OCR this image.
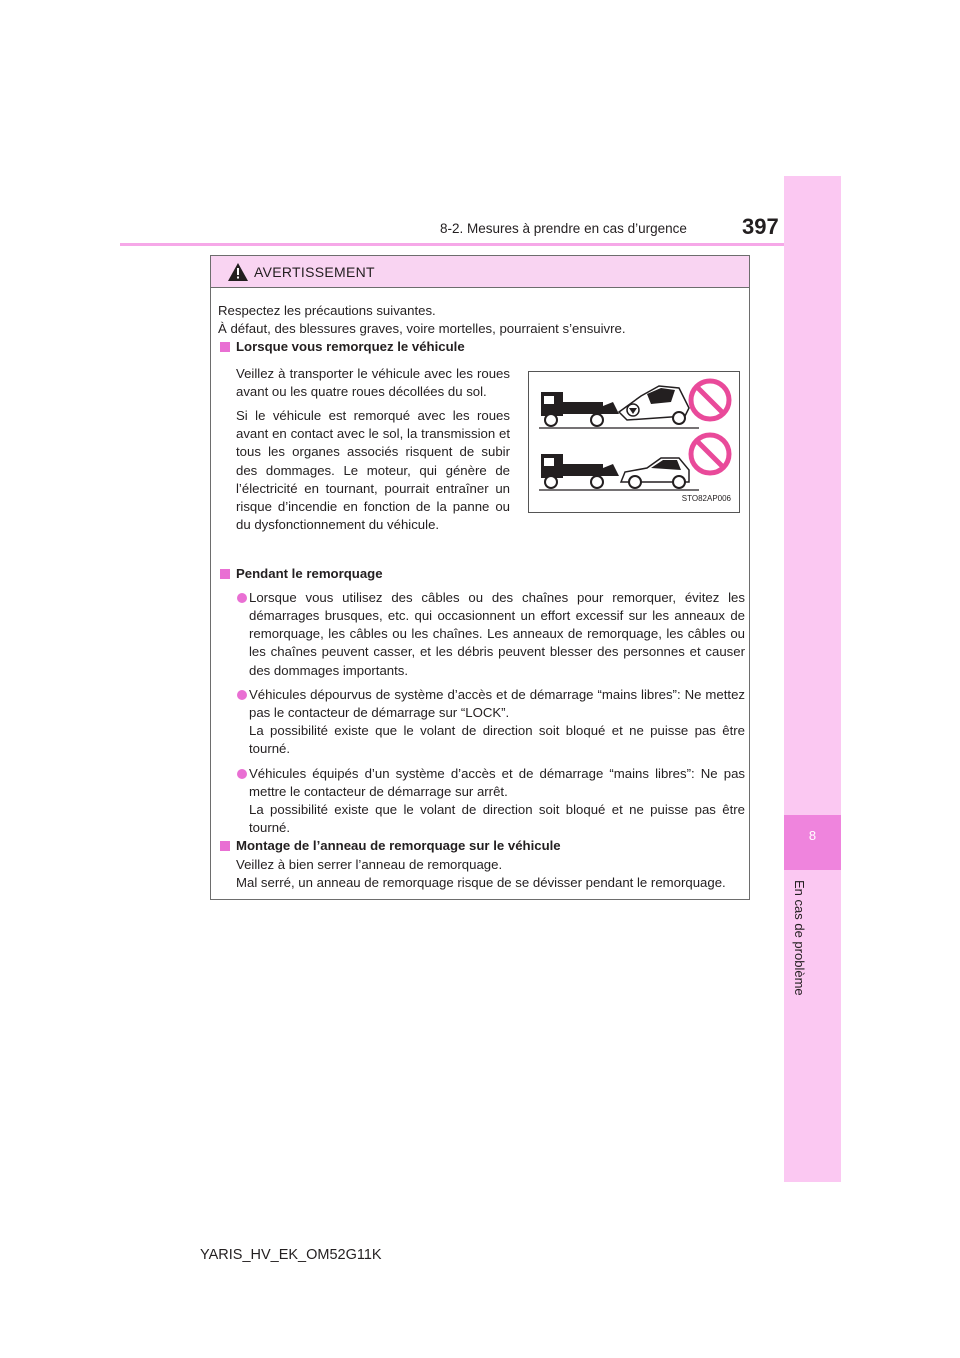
8-2. Mesures à prendre en cas d’urgence	397
8
En cas de problème
AVERTISSEMENT

Respectez les précautions suivantes.

À défaut, des blessures graves, voire mortelles, pourraient s’ensuivre.

Lorsque vous remorquez le véhicule

Veillez à transporter le véhicule avec les roues avant ou les quatre roues décollées du sol.

Si le véhicule est remorqué avec les roues avant en contact avec le sol, la transmission et tous les organes associés risquent de subir des dommages. Le moteur, qui génère de l’électricité en tournant, pourrait entraîner un risque d’incendie en fonction de la panne ou du dysfonctionnement du véhicule.

STO82AP006

Pendant le remorquage

Lorsque vous utilisez des câbles ou des chaînes pour remorquer, évitez les démarrages brusques, etc. qui occasionnent un effort excessif sur les anneaux de remorquage, les câbles ou les chaînes. Les anneaux de remorquage, les câbles ou les chaînes peuvent casser, et les débris peuvent blesser des personnes et causer des dommages importants.

Véhicules dépourvus de système d’accès et de démarrage “mains libres”: Ne mettez pas le contacteur de démarrage sur “LOCK”.

La possibilité existe que le volant de direction soit bloqué et ne puisse pas être tourné.

Véhicules équipés d’un système d’accès et de démarrage “mains libres”: Ne pas mettre le contacteur de démarrage sur arrêt.

La possibilité existe que le volant de direction soit bloqué et ne puisse pas être tourné.

Montage de l’anneau de remorquage sur le véhicule

Veillez à bien serrer l’anneau de remorquage.

Mal serré, un anneau de remorquage risque de se dévisser pendant le remorquage.

YARIS_HV_EK_OM52G11K
